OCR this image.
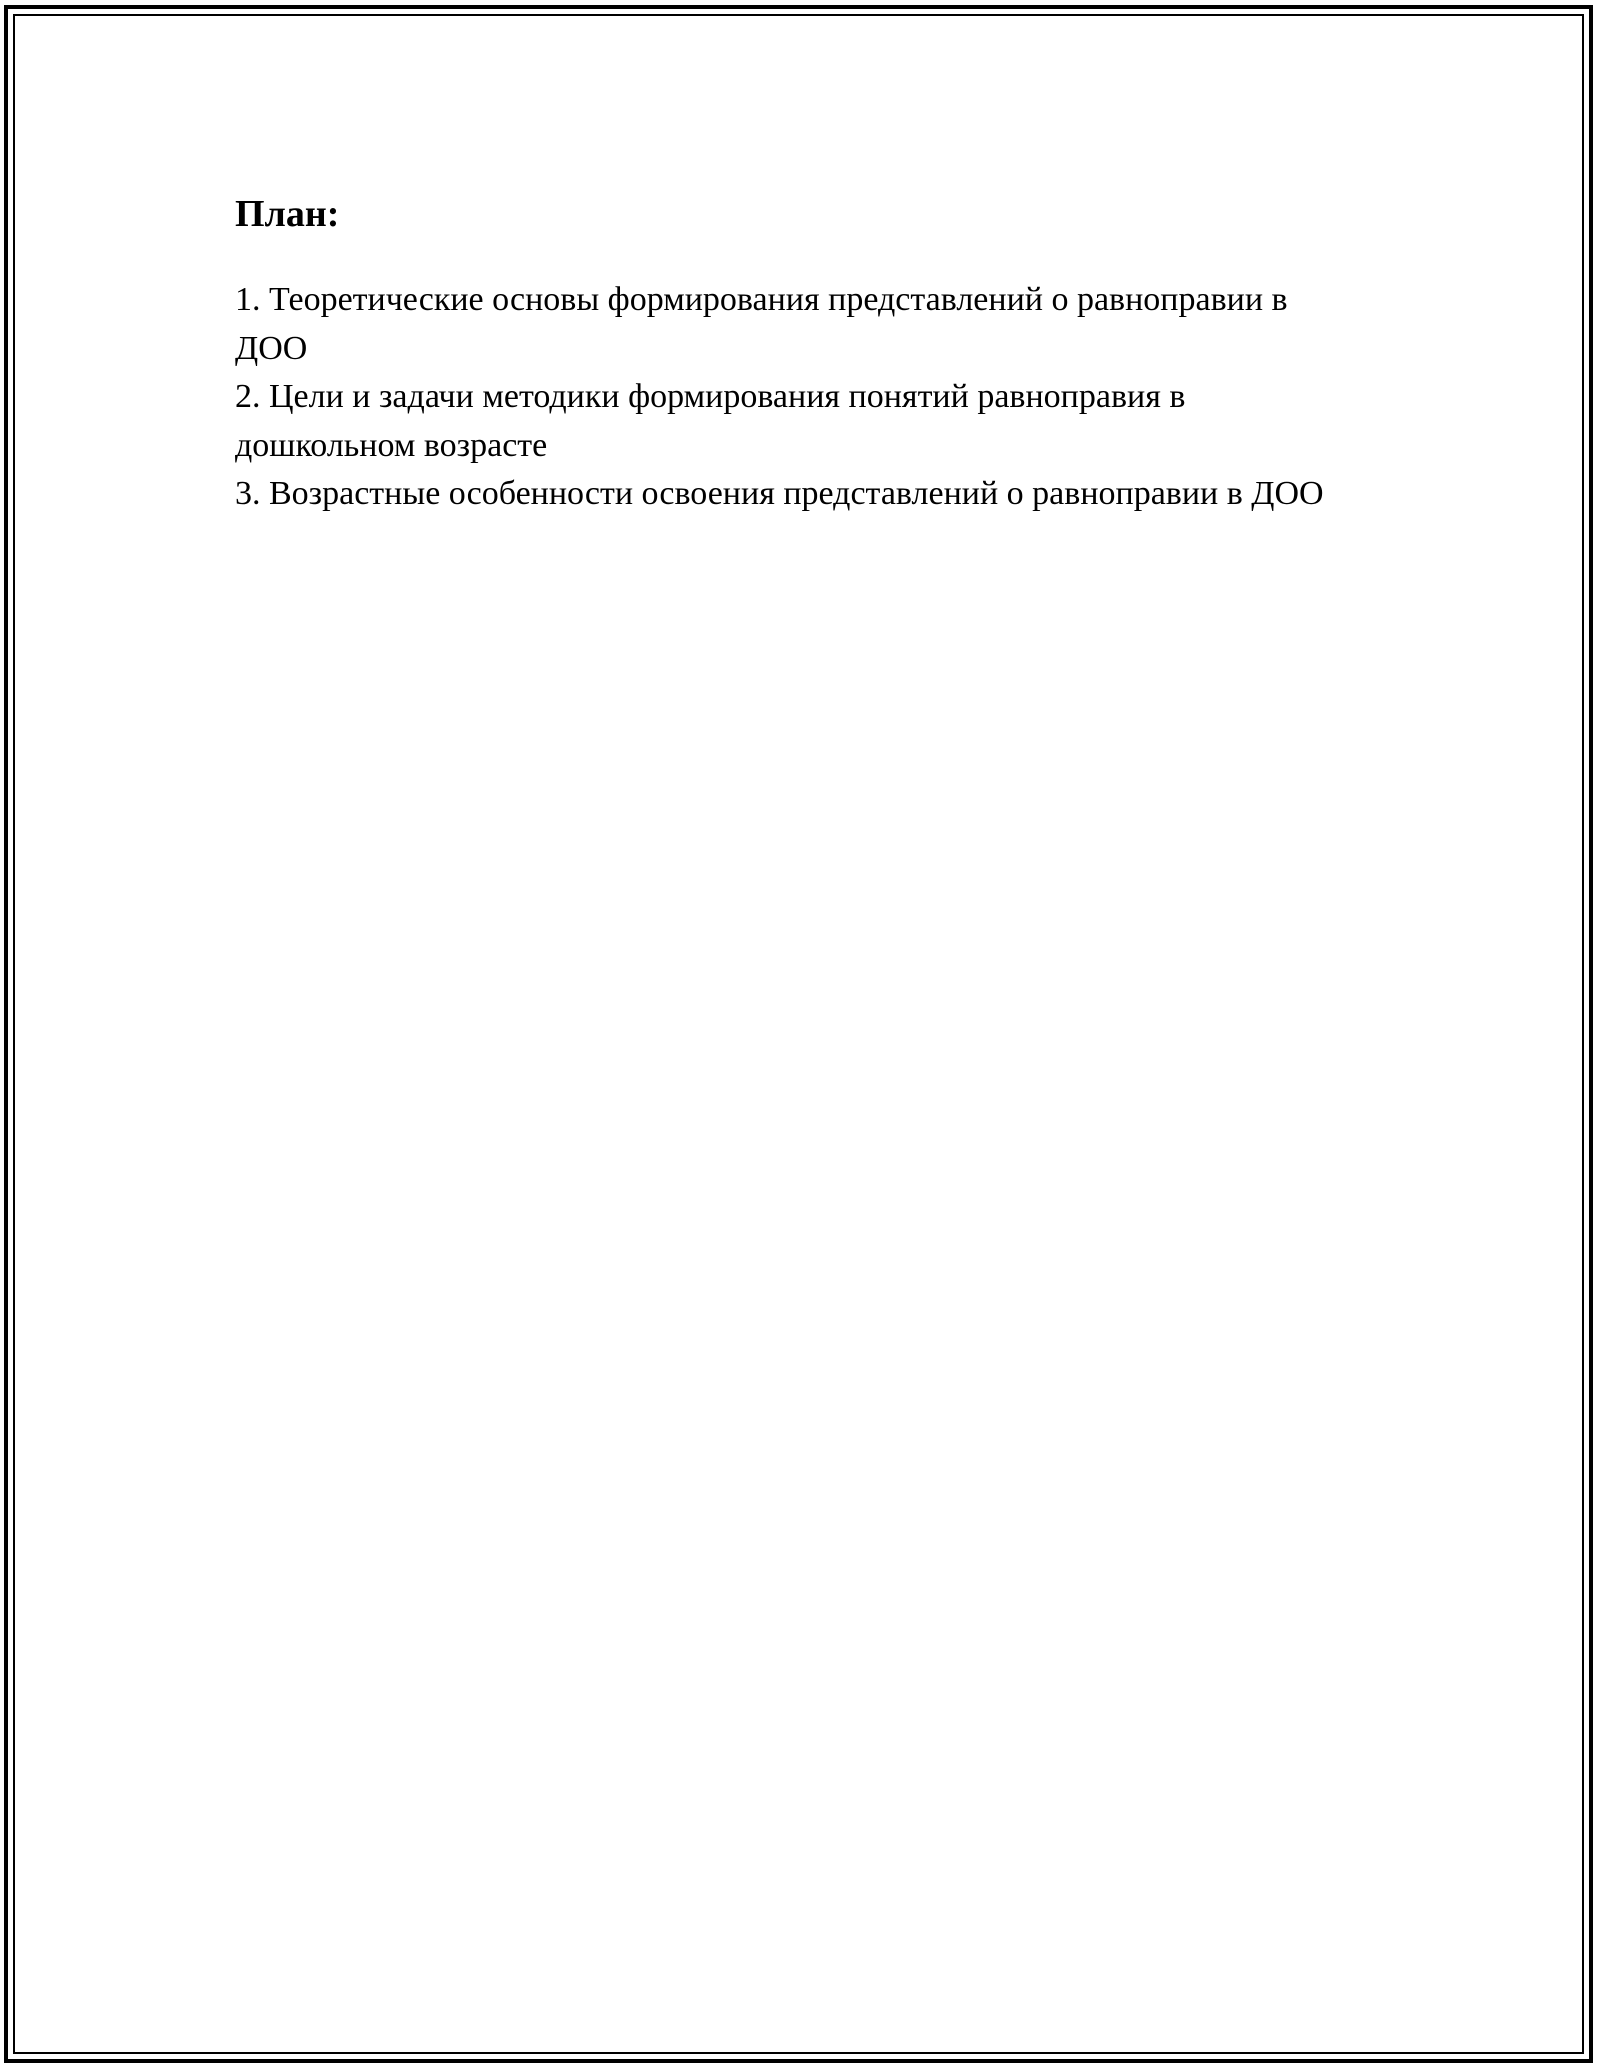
План:
1. Теоретические основы формирования представлений о равноправии в ДОО
2. Цели и задачи методики формирования понятий равноправия в дошкольном возрасте
3. Возрастные особенности освоения представлений о равноправии в ДОО
